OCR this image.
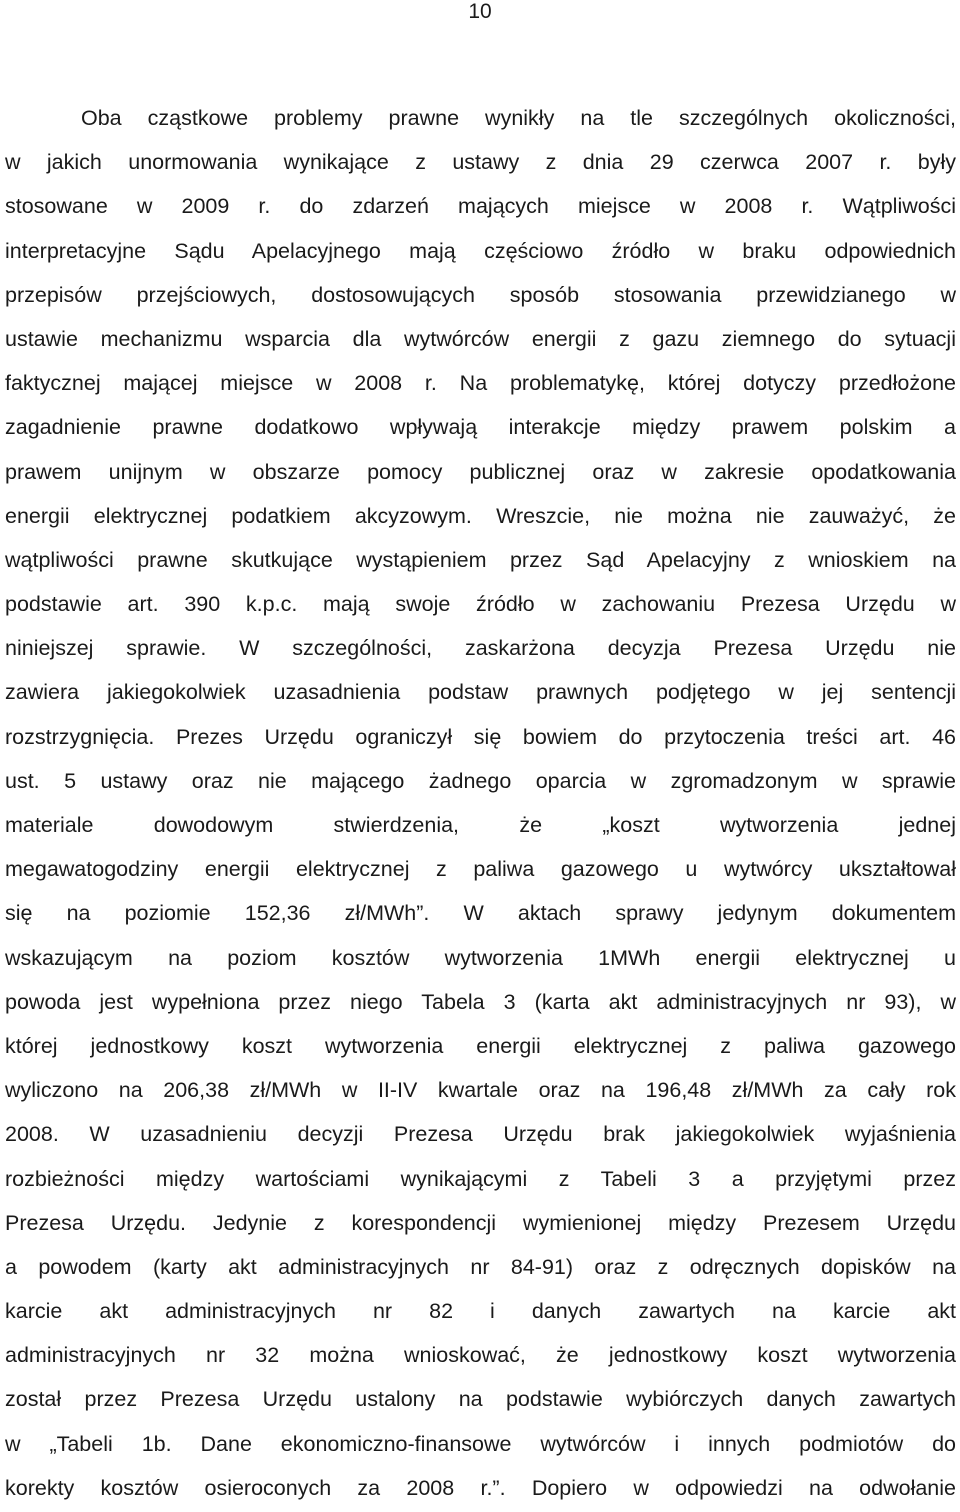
10
Oba cząstkowe problemy prawne wynikły na tle szczególnych okoliczności,
w jakich unormowania wynikające z ustawy z dnia 29 czerwca 2007 r. były
stosowane w 2009 r. do zdarzeń mających miejsce w 2008 r. Wątpliwości
interpretacyjne Sądu Apelacyjnego mają częściowo źródło w braku odpowiednich
przepisów przejściowych, dostosowujących sposób stosowania przewidzianego w
ustawie mechanizmu wsparcia dla wytwórców energii z gazu ziemnego do sytuacji
faktycznej mającej miejsce w 2008 r. Na problematykę, której dotyczy przedłożone
zagadnienie prawne dodatkowo wpływają interakcje między prawem polskim a
prawem unijnym w obszarze pomocy publicznej oraz w zakresie opodatkowania
energii elektrycznej podatkiem akcyzowym. Wreszcie, nie można nie zauważyć, że
wątpliwości prawne skutkujące wystąpieniem przez Sąd Apelacyjny z wnioskiem na
podstawie art. 390 k.p.c. mają swoje źródło w zachowaniu Prezesa Urzędu w
niniejszej sprawie. W szczególności, zaskarżona decyzja Prezesa Urzędu nie
zawiera jakiegokolwiek uzasadnienia podstaw prawnych podjętego w jej sentencji
rozstrzygnięcia. Prezes Urzędu ograniczył się bowiem do przytoczenia treści art. 46
ust. 5 ustawy oraz nie mającego żadnego oparcia w zgromadzonym w sprawie
materiale dowodowym stwierdzenia, że „koszt wytworzenia jednej
megawatogodziny energii elektrycznej z paliwa gazowego u wytwórcy ukształtował
się na poziomie 152,36 zł/MWh”. W aktach sprawy jedynym dokumentem
wskazującym na poziom kosztów wytworzenia 1MWh energii elektrycznej u
powoda jest wypełniona przez niego Tabela 3 (karta akt administracyjnych nr 93), w
której jednostkowy koszt wytworzenia energii elektrycznej z paliwa gazowego
wyliczono na 206,38 zł/MWh w II-IV kwartale oraz na 196,48 zł/MWh za cały rok
2008. W uzasadnieniu decyzji Prezesa Urzędu brak jakiegokolwiek wyjaśnienia
rozbieżności między wartościami wynikającymi z Tabeli 3 a przyjętymi przez
Prezesa Urzędu. Jedynie z korespondencji wymienionej między Prezesem Urzędu
a powodem (karty akt administracyjnych nr 84-91) oraz z odręcznych dopisków na
karcie akt administracyjnych nr 82 i danych zawartych na karcie akt
administracyjnych nr 32 można wnioskować, że jednostkowy koszt wytworzenia
został przez Prezesa Urzędu ustalony na podstawie wybiórczych danych zawartych
w „Tabeli 1b. Dane ekonomiczno-finansowe wytwórców i innych podmiotów do
korekty kosztów osieroconych za 2008 r.”. Dopiero w odpowiedzi na odwołanie
